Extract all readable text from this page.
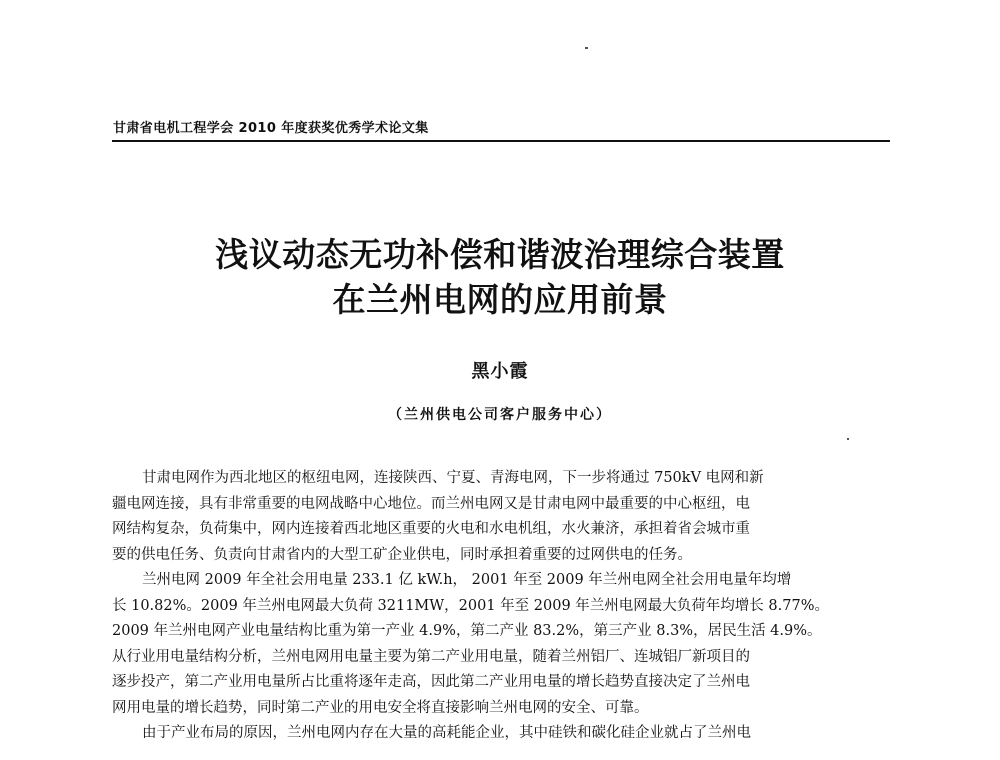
甘肃省电机工程学会 2010 年度获奖优秀学术论文集
浅议动态无功补偿和谐波治理综合装置
在兰州电网的应用前景
黑小霞
（兰州供电公司客户服务中心）
甘肃电网作为西北地区的枢纽电网，连接陕西、宁夏、青海电网，下一步将通过 750kV 电网和新
疆电网连接，具有非常重要的电网战略中心地位。而兰州电网又是甘肃电网中最重要的中心枢纽，电
网结构复杂，负荷集中，网内连接着西北地区重要的火电和水电机组，水火兼济，承担着省会城市重
要的供电任务、负责向甘肃省内的大型工矿企业供电，同时承担着重要的过网供电的任务。
兰州电网 2009 年全社会用电量 233.1 亿 kW.h， 2001 年至 2009 年兰州电网全社会用电量年均增
长 10.82%。2009 年兰州电网最大负荷 3211MW，2001 年至 2009 年兰州电网最大负荷年均增长 8.77%。
2009 年兰州电网产业电量结构比重为第一产业 4.9%，第二产业 83.2%，第三产业 8.3%，居民生活 4.9%。
从行业用电量结构分析，兰州电网用电量主要为第二产业用电量，随着兰州铝厂、连城铝厂新项目的
逐步投产，第二产业用电量所占比重将逐年走高，因此第二产业用电量的增长趋势直接决定了兰州电
网用电量的增长趋势，同时第二产业的用电安全将直接影响兰州电网的安全、可靠。
由于产业布局的原因，兰州电网内存在大量的高耗能企业，其中硅铁和碳化硅企业就占了兰州电
